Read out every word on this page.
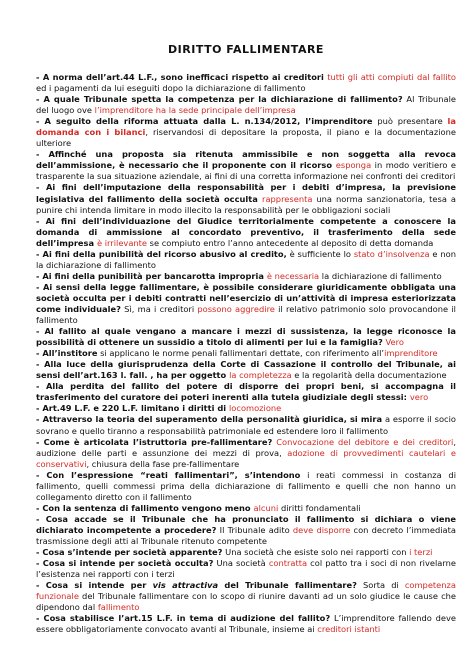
DIRITTO FALLIMENTARE
- A norma dell’art.44 L.F., sono inefficaci rispetto ai creditori tutti gli atti compiuti dal fallito ed i pagamenti da lui eseguiti dopo la dichiarazione di fallimento
- A quale Tribunale spetta la competenza per la dichiarazione di fallimento? Al Tribunale del luogo ove l’imprenditore ha la sede principale dell’impresa
- A seguito della riforma attuata dalla L. n.134/2012, l’imprenditore può presentare la domanda con i bilanci, riservandosi di depositare la proposta, il piano e la documentazione ulteriore
- Affinché una proposta sia ritenuta ammissibile e non soggetta alla revoca dell’ammissione, è necessario che il proponente con il ricorso esponga in modo veritiero e trasparente la sua situazione aziendale, ai fini di una corretta informazione nei confronti dei creditori
- Ai fini dell’imputazione della responsabilità per i debiti d’impresa, la previsione legislativa del fallimento della società occulta rappresenta una norma sanzionatoria, tesa a punire chi intenda limitare in modo illecito la responsabilità per le obbligazioni sociali
- Ai fini dell’individuazione del Giudice territorialmente competente a conoscere la domanda di ammissione al concordato preventivo, il trasferimento della sede dell’impresa è irrilevante se compiuto entro l’anno antecedente al deposito di detta domanda
- Ai fini della punibilità del ricorso abusivo al credito, è sufficiente lo stato d’insolvenza e non la dichiarazione di fallimento
- Ai fini della punibilità per bancarotta impropria è necessaria la dichiarazione di fallimento
- Ai sensi della legge fallimentare, è possibile considerare giuridicamente obbligata una società occulta per i debiti contratti nell’esercizio di un’attività di impresa esteriorizzata come individuale? Sì, ma i creditori possono aggredire il relativo patrimonio solo provocandone il fallimento
- Al fallito al quale vengano a mancare i mezzi di sussistenza, la legge riconosce la possibilità di ottenere un sussidio a titolo di alimenti per lui e la famiglia? Vero
- All’institore si applicano le norme penali fallimentari dettate, con riferimento all’imprenditore
- Alla luce della giurisprudenza della Corte di Cassazione il controllo del Tribunale, ai sensi dell’art.163 l. fall. , ha per oggetto la completezza e la regolarità della documentazione
- Alla perdita del fallito del potere di disporre dei propri beni, si accompagna il trasferimento del curatore dei poteri inerenti alla tutela giudiziale degli stessi: vero
- Art.49 L.F. e 220 L.F. limitano i diritti di locomozione
- Attraverso la teoria del superamento della personalità giuridica, si mira a esporre il socio sovrano e quello tiranno a responsabilità patrimoniale ed estendere loro il fallimento
- Come è articolata l’istruttoria pre-fallimentare? Convocazione del debitore e dei creditori, audizione delle parti e assunzione dei mezzi di prova, adozione di provvedimenti cautelari e conservativi, chiusura della fase pre-fallimentare
- Con l’espressione “reati fallimentari”, s’intendono i reati commessi in costanza di fallimento, quelli commessi prima della dichiarazione di fallimento e quelli che non hanno un collegamento diretto con il fallimento
- Con la sentenza di fallimento vengono meno alcuni diritti fondamentali
- Cosa accade se il Tribunale che ha pronunciato il fallimento si dichiara o viene dichiarato incompetente a procedere? Il Tribunale adito deve disporre con decreto l’immediata trasmissione degli atti al Tribunale ritenuto competente
- Cosa s’intende per società apparente? Una società che esiste solo nei rapporti con i terzi
- Cosa si intende per società occulta? Una società contratta col patto tra i soci di non rivelarne l’esistenza nei rapporti con i terzi
- Cosa si intende per vis attractiva del Tribunale fallimentare? Sorta di competenza funzionale del Tribunale fallimentare con lo scopo di riunire davanti ad un solo giudice le cause che dipendono dal fallimento
- Cosa stabilisce l’art.15 L.F. in tema di audizione del fallito? L’imprenditore fallendo deve essere obbligatoriamente convocato avanti al Tribunale, insieme ai creditori istanti
